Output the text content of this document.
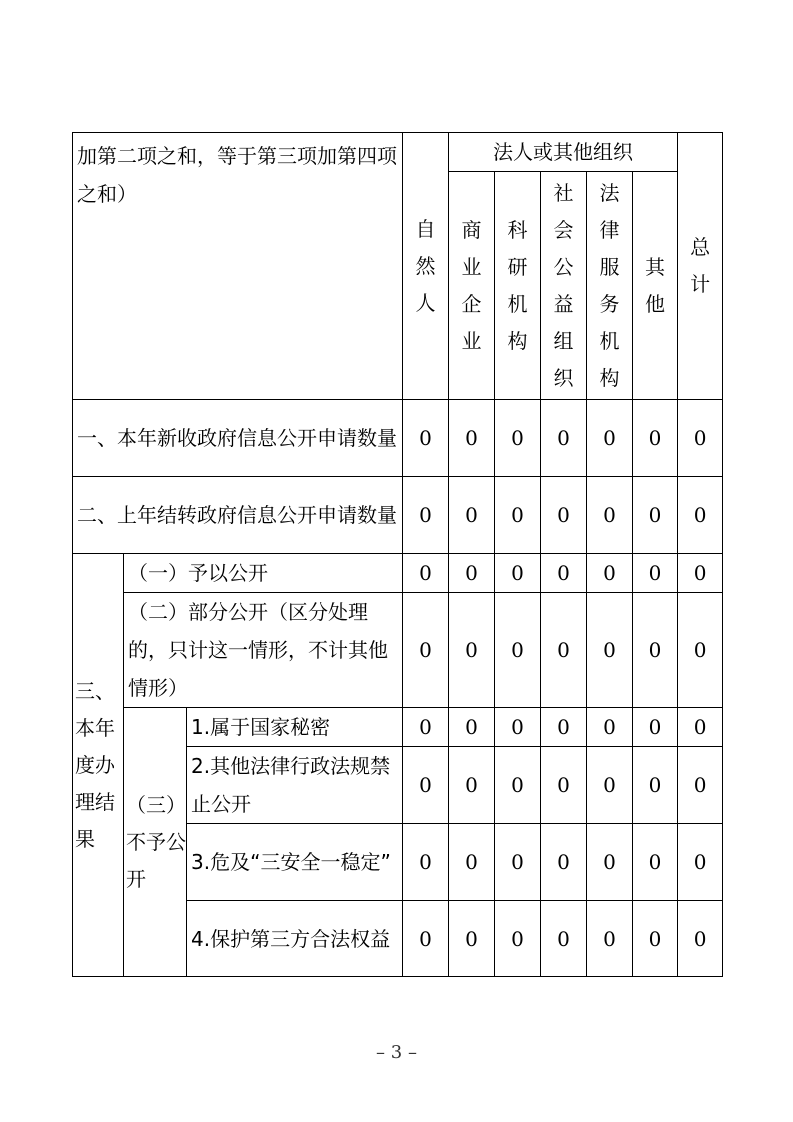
加第二项之和，等于第三项加第四项之和）			自然人	法人或其他组织					总计
				商业企业	科研机构	社会公益组织	法律服务机构	其他	
一、本年新收政府信息公开申请数量			0	0	0	0	0	0	0
二、上年结转政府信息公开申请数量			0	0	0	0	0	0	0
三、本年度办理结果	（一）予以公开		0	0	0	0	0	0	0
	（二）部分公开（区分处理的，只计这一情形，不计其他情形）		0	0	0	0	0	0	0
	（三）不予公开	1.属于国家秘密	0	0	0	0	0	0	0
		2.其他法律行政法规禁止公开	0	0	0	0	0	0	0
		3.危及“三安全一稳定”	0	0	0	0	0	0	0
		4.保护第三方合法权益	0	0	0	0	0	0	0
– 3 –
